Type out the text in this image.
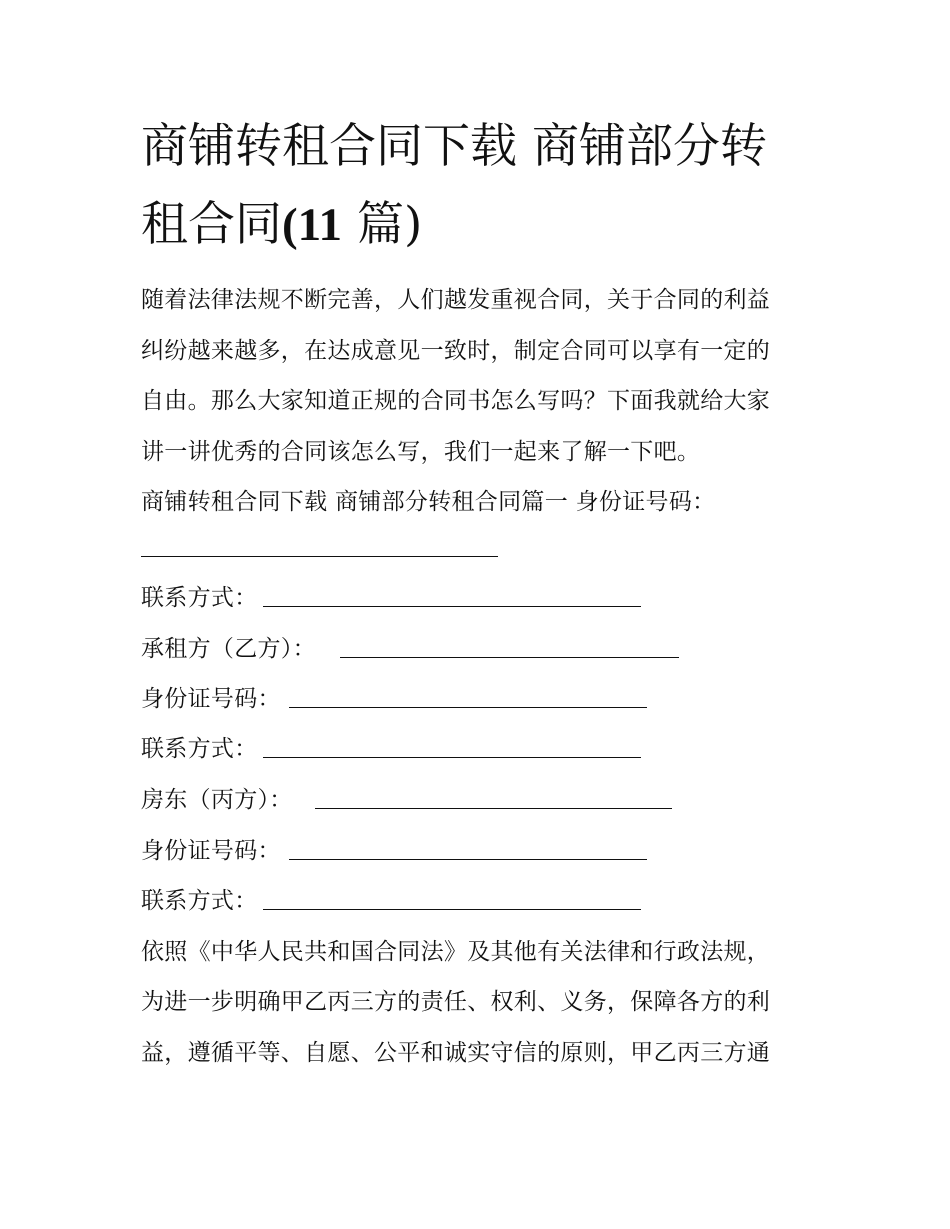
商铺转租合同下载 商铺部分转
租合同(11 篇)
随着法律法规不断完善，人们越发重视合同，关于合同的利益
纠纷越来越多，在达成意见一致时，制定合同可以享有一定的
自由。那么大家知道正规的合同书怎么写吗？下面我就给大家
讲一讲优秀的合同该怎么写，我们一起来了解一下吧。
商铺转租合同下载 商铺部分转租合同篇一 身份证号码：
联系方式：
承租方（乙方）：
身份证号码：
联系方式：
房东（丙方）：
身份证号码：
联系方式：
依照《中华人民共和国合同法》及其他有关法律和行政法规，
为进一步明确甲乙丙三方的责任、权利、义务，保障各方的利
益，遵循平等、自愿、公平和诚实守信的原则，甲乙丙三方通
